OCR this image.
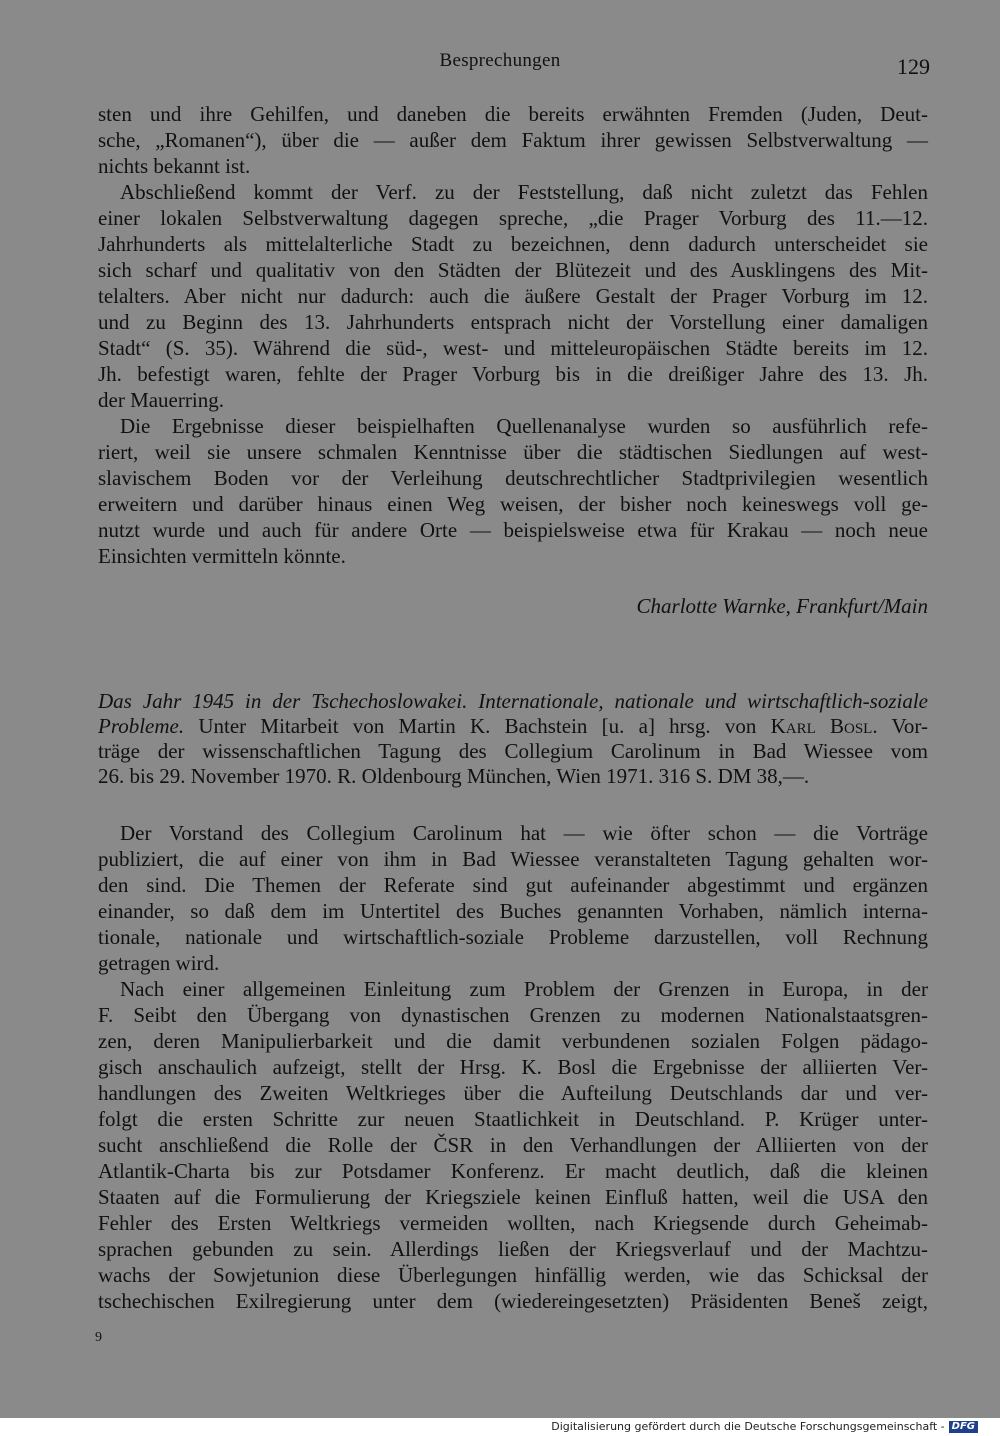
Besprechungen	129
sten und ihre Gehilfen, und daneben die bereits erwähnten Fremden (Juden, Deut-
sche, „Romanen“), über die — außer dem Faktum ihrer gewissen Selbstverwaltung —
nichts bekannt ist.
Abschließend kommt der Verf. zu der Feststellung, daß nicht zuletzt das Fehlen
einer lokalen Selbstverwaltung dagegen spreche, „die Prager Vorburg des 11.—12.
Jahrhunderts als mittelalterliche Stadt zu bezeichnen, denn dadurch unterscheidet sie
sich scharf und qualitativ von den Städten der Blütezeit und des Ausklingens des Mit-
telalters. Aber nicht nur dadurch: auch die äußere Gestalt der Prager Vorburg im 12.
und zu Beginn des 13. Jahrhunderts entsprach nicht der Vorstellung einer damaligen
Stadt“ (S. 35). Während die süd-, west- und mitteleuropäischen Städte bereits im 12.
Jh. befestigt waren, fehlte der Prager Vorburg bis in die dreißiger Jahre des 13. Jh.
der Mauerring.
Die Ergebnisse dieser beispielhaften Quellenanalyse wurden so ausführlich refe-
riert, weil sie unsere schmalen Kenntnisse über die städtischen Siedlungen auf west-
slavischem Boden vor der Verleihung deutschrechtlicher Stadtprivilegien wesentlich
erweitern und darüber hinaus einen Weg weisen, der bisher noch keineswegs voll ge-
nutzt wurde und auch für andere Orte — beispielsweise etwa für Krakau — noch neue
Einsichten vermitteln könnte.
Charlotte Warnke, Frankfurt/Main
Das Jahr 1945 in der Tschechoslowakei. Internationale, nationale und wirtschaftlich-soziale
Probleme. Unter Mitarbeit von Martin K. Bachstein [u. a] hrsg. von Karl Bosl. Vor-
träge der wissenschaftlichen Tagung des Collegium Carolinum in Bad Wiessee vom
26. bis 29. November 1970. R. Oldenbourg München, Wien 1971. 316 S. DM 38,—.
Der Vorstand des Collegium Carolinum hat — wie öfter schon — die Vorträge
publiziert, die auf einer von ihm in Bad Wiessee veranstalteten Tagung gehalten wor-
den sind. Die Themen der Referate sind gut aufeinander abgestimmt und ergänzen
einander, so daß dem im Untertitel des Buches genannten Vorhaben, nämlich interna-
tionale, nationale und wirtschaftlich-soziale Probleme darzustellen, voll Rechnung
getragen wird.
Nach einer allgemeinen Einleitung zum Problem der Grenzen in Europa, in der
F. Seibt den Übergang von dynastischen Grenzen zu modernen Nationalstaatsgren-
zen, deren Manipulierbarkeit und die damit verbundenen sozialen Folgen pädago-
gisch anschaulich aufzeigt, stellt der Hrsg. K. Bosl die Ergebnisse der alliierten Ver-
handlungen des Zweiten Weltkrieges über die Aufteilung Deutschlands dar und ver-
folgt die ersten Schritte zur neuen Staatlichkeit in Deutschland. P. Krüger unter-
sucht anschließend die Rolle der ČSR in den Verhandlungen der Alliierten von der
Atlantik-Charta bis zur Potsdamer Konferenz. Er macht deutlich, daß die kleinen
Staaten auf die Formulierung der Kriegsziele keinen Einfluß hatten, weil die USA den
Fehler des Ersten Weltkriegs vermeiden wollten, nach Kriegsende durch Geheimab-
sprachen gebunden zu sein. Allerdings ließen der Kriegsverlauf und der Machtzu-
wachs der Sowjetunion diese Überlegungen hinfällig werden, wie das Schicksal der
tschechischen Exilregierung unter dem (wiedereingesetzten) Präsidenten Beneš zeigt,
9
Digitalisierung gefördert durch die Deutsche Forschungsgemeinschaft - DFG
